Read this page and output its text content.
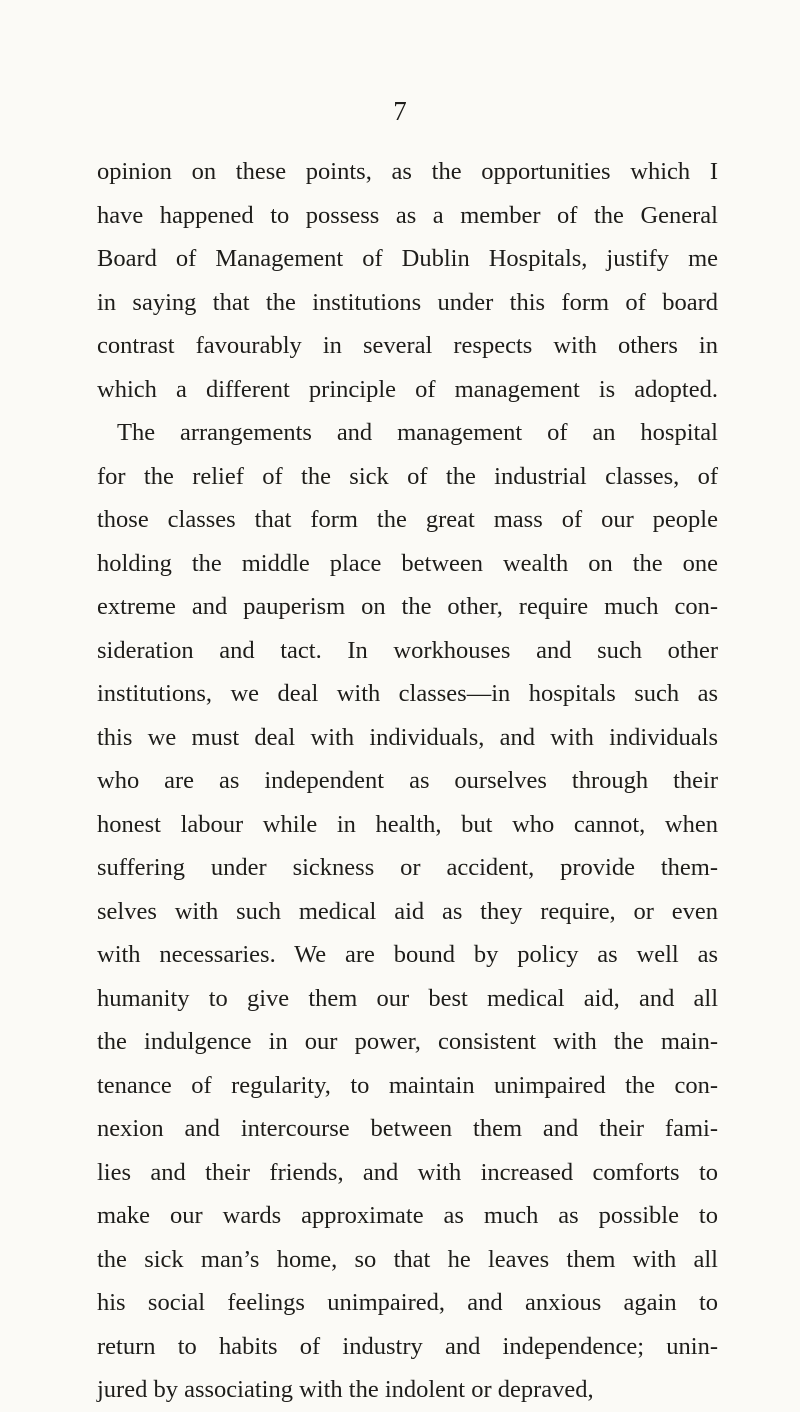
7
opinion on these points, as the opportunities which I
have happened to possess as a member of the General
Board of Management of Dublin Hospitals, justify me
in saying that the institutions under this form of board
contrast favourably in several respects with others in
which a different principle of management is adopted.
The arrangements and management of an hospital
for the relief of the sick of the industrial classes, of
those classes that form the great mass of our people
holding the middle place between wealth on the one
extreme and pauperism on the other, require much con-
sideration and tact. In workhouses and such other
institutions, we deal with classes—in hospitals such as
this we must deal with individuals, and with individuals
who are as independent as ourselves through their
honest labour while in health, but who cannot, when
suffering under sickness or accident, provide them-
selves with such medical aid as they require, or even
with necessaries. We are bound by policy as well as
humanity to give them our best medical aid, and all
the indulgence in our power, consistent with the main-
tenance of regularity, to maintain unimpaired the con-
nexion and intercourse between them and their fami-
lies and their friends, and with increased comforts to
make our wards approximate as much as possible to
the sick man’s home, so that he leaves them with all
his social feelings unimpaired, and anxious again to
return to habits of industry and independence; unin-
jured by associating with the indolent or depraved,
